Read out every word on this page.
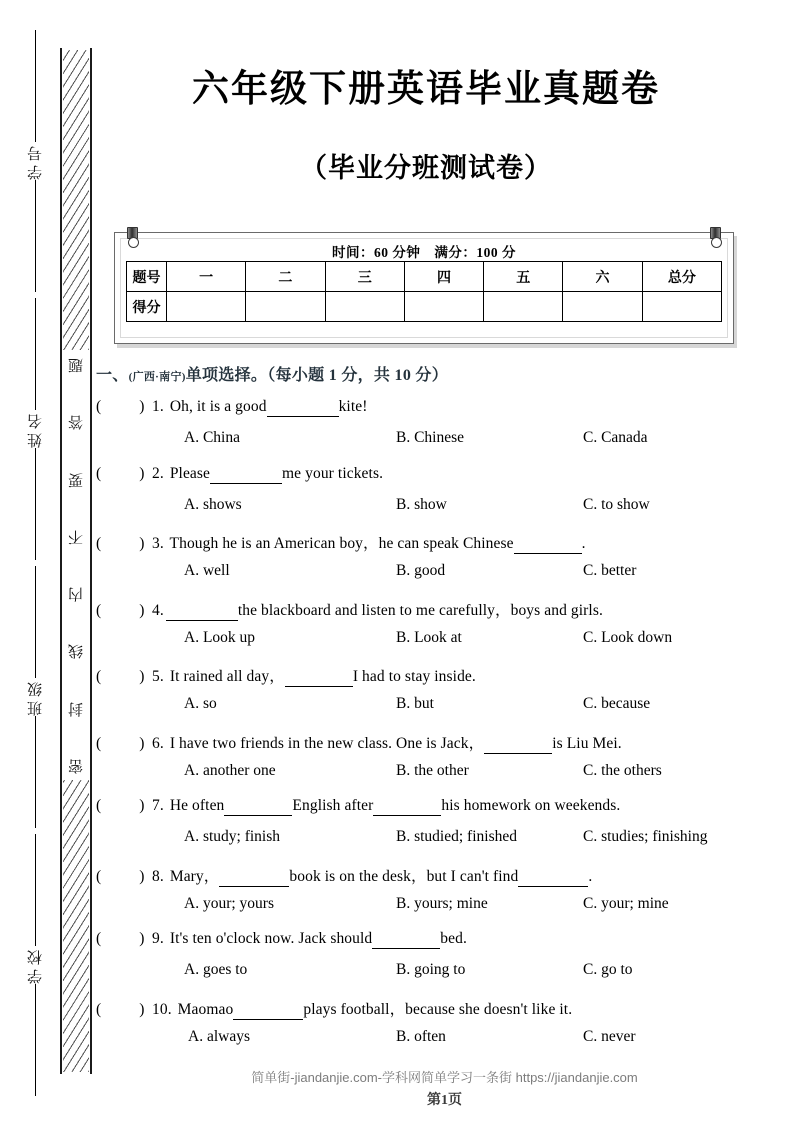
学号
姓名
班级
学校
题
答
要
不
内
线
封
密
六年级下册英语毕业真题卷
（毕业分班测试卷）
时间：60 分钟　满分：100 分
题号	一	二	三	四	五	六	总分
得分							
一、(广西·南宁)单项选择。（每小题 1 分，共 10 分）
( ) 1. Oh, it is a good	kite!
A. China	B. Chinese	C. Canada
( ) 2. Please	me your tickets.
A. shows	B. show	C. to show
( ) 3. Though he is an American boy，he can speak Chinese	.
A. well	B. good	C. better
( ) 4.	the blackboard and listen to me carefully，boys and girls.
A. Look up	B. Look at	C. Look down
( ) 5. It rained all day，	I had to stay inside.
A. so	B. but	C. because
( ) 6. I have two friends in the new class. One is Jack，	is Liu Mei.
A. another one	B. the other	C. the others
( ) 7. He often	English after	his homework on weekends.
A. study; finish	B. studied; finished	C. studies; finishing
( ) 8. Mary，	book is on the desk，but I can't find	.
A. your; yours	B. yours; mine	C. your; mine
( ) 9. It's ten o'clock now. Jack should	bed.
A. goes to	B. going to	C. go to
( ) 10. Maomao	plays football，because she doesn't like it.
A. always	B. often	C. never
简单街-jiandanjie.com-学科网简单学习一条街 https://jiandanjie.com
第1页
